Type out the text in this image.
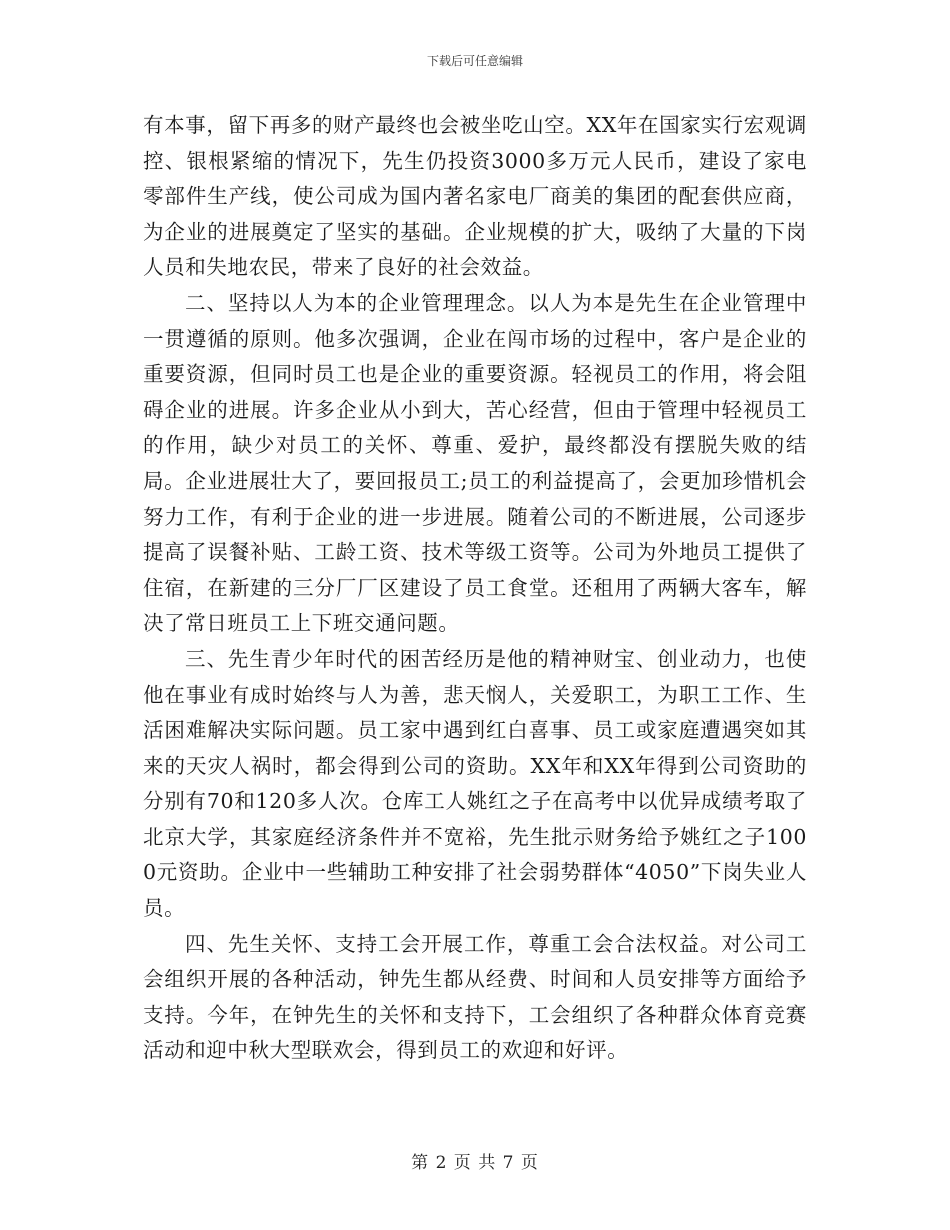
下载后可任意编辑

有本事，留下再多的财产最终也会被坐吃山空。XX年在国家实行宏观调控、银根紧缩的情况下，先生仍投资3000多万元人民币，建设了家电零部件生产线，使公司成为国内著名家电厂商美的集团的配套供应商，为企业的进展奠定了坚实的基础。企业规模的扩大，吸纳了大量的下岗人员和失地农民，带来了良好的社会效益。

二、坚持以人为本的企业管理理念。以人为本是先生在企业管理中一贯遵循的原则。他多次强调，企业在闯市场的过程中，客户是企业的重要资源，但同时员工也是企业的重要资源。轻视员工的作用，将会阻碍企业的进展。许多企业从小到大，苦心经营，但由于管理中轻视员工的作用，缺少对员工的关怀、尊重、爱护，最终都没有摆脱失败的结局。企业进展壮大了，要回报员工;员工的利益提高了，会更加珍惜机会努力工作，有利于企业的进一步进展。随着公司的不断进展，公司逐步提高了误餐补贴、工龄工资、技术等级工资等。公司为外地员工提供了住宿，在新建的三分厂厂区建设了员工食堂。还租用了两辆大客车，解决了常日班员工上下班交通问题。

三、先生青少年时代的困苦经历是他的精神财宝、创业动力，也使他在事业有成时始终与人为善，悲天悯人，关爱职工，为职工工作、生活困难解决实际问题。员工家中遇到红白喜事、员工或家庭遭遇突如其来的天灾人祸时，都会得到公司的资助。XX年和XX年得到公司资助的分别有70和120多人次。仓库工人姚红之子在高考中以优异成绩考取了北京大学，其家庭经济条件并不宽裕，先生批示财务给予姚红之子1000元资助。企业中一些辅助工种安排了社会弱势群体“4050”下岗失业人员。

四、先生关怀、支持工会开展工作，尊重工会合法权益。对公司工会组织开展的各种活动，钟先生都从经费、时间和人员安排等方面给予支持。今年，在钟先生的关怀和支持下，工会组织了各种群众体育竞赛活动和迎中秋大型联欢会，得到员工的欢迎和好评。

第 2 页 共 7 页
